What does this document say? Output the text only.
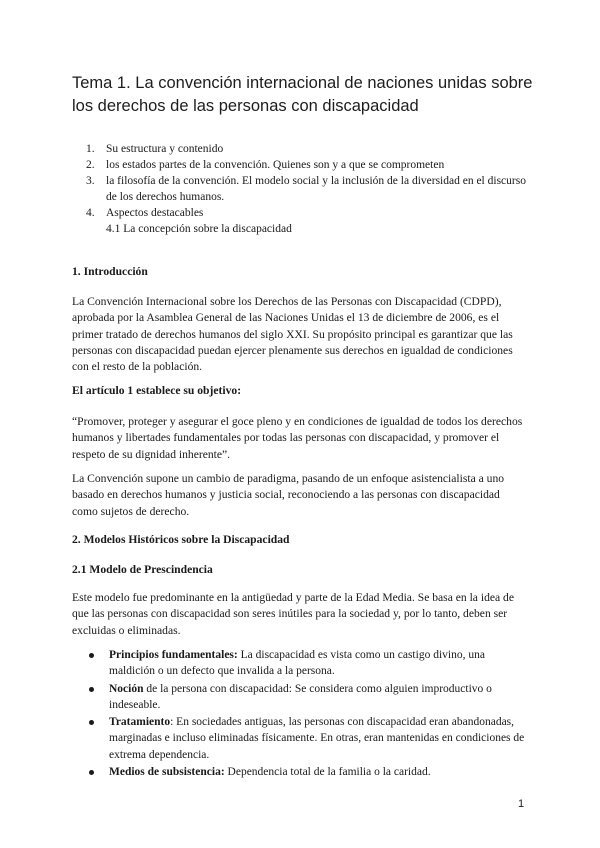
Tema 1. La convención internacional de naciones unidas sobre los derechos de las personas con discapacidad
1. Su estructura y contenido
2. los estados partes de la convención. Quienes son y a que se comprometen
3. la filosofía de la convención. El modelo social y la inclusión de la diversidad en el discurso de los derechos humanos.
4. Aspectos destacables
4.1 La concepción sobre la discapacidad

1. Introducción

La Convención Internacional sobre los Derechos de las Personas con Discapacidad (CDPD), aprobada por la Asamblea General de las Naciones Unidas el 13 de diciembre de 2006, es el primer tratado de derechos humanos del siglo XXI. Su propósito principal es garantizar que las personas con discapacidad puedan ejercer plenamente sus derechos en igualdad de condiciones con el resto de la población.

El artículo 1 establece su objetivo:

“Promover, proteger y asegurar el goce pleno y en condiciones de igualdad de todos los derechos humanos y libertades fundamentales por todas las personas con discapacidad, y promover el respeto de su dignidad inherente”.

La Convención supone un cambio de paradigma, pasando de un enfoque asistencialista a uno basado en derechos humanos y justicia social, reconociendo a las personas con discapacidad como sujetos de derecho.

2. Modelos Históricos sobre la Discapacidad

2.1 Modelo de Prescindencia

Este modelo fue predominante en la antigüedad y parte de la Edad Media. Se basa en la idea de que las personas con discapacidad son seres inútiles para la sociedad y, por lo tanto, deben ser excluidas o eliminadas.

Principios fundamentales: La discapacidad es vista como un castigo divino, una maldición o un defecto que invalida a la persona.
Noción de la persona con discapacidad: Se considera como alguien improductivo o indeseable.
Tratamiento: En sociedades antiguas, las personas con discapacidad eran abandonadas, marginadas e incluso eliminadas físicamente. En otras, eran mantenidas en condiciones de extrema dependencia.
Medios de subsistencia: Dependencia total de la familia o la caridad.
1
